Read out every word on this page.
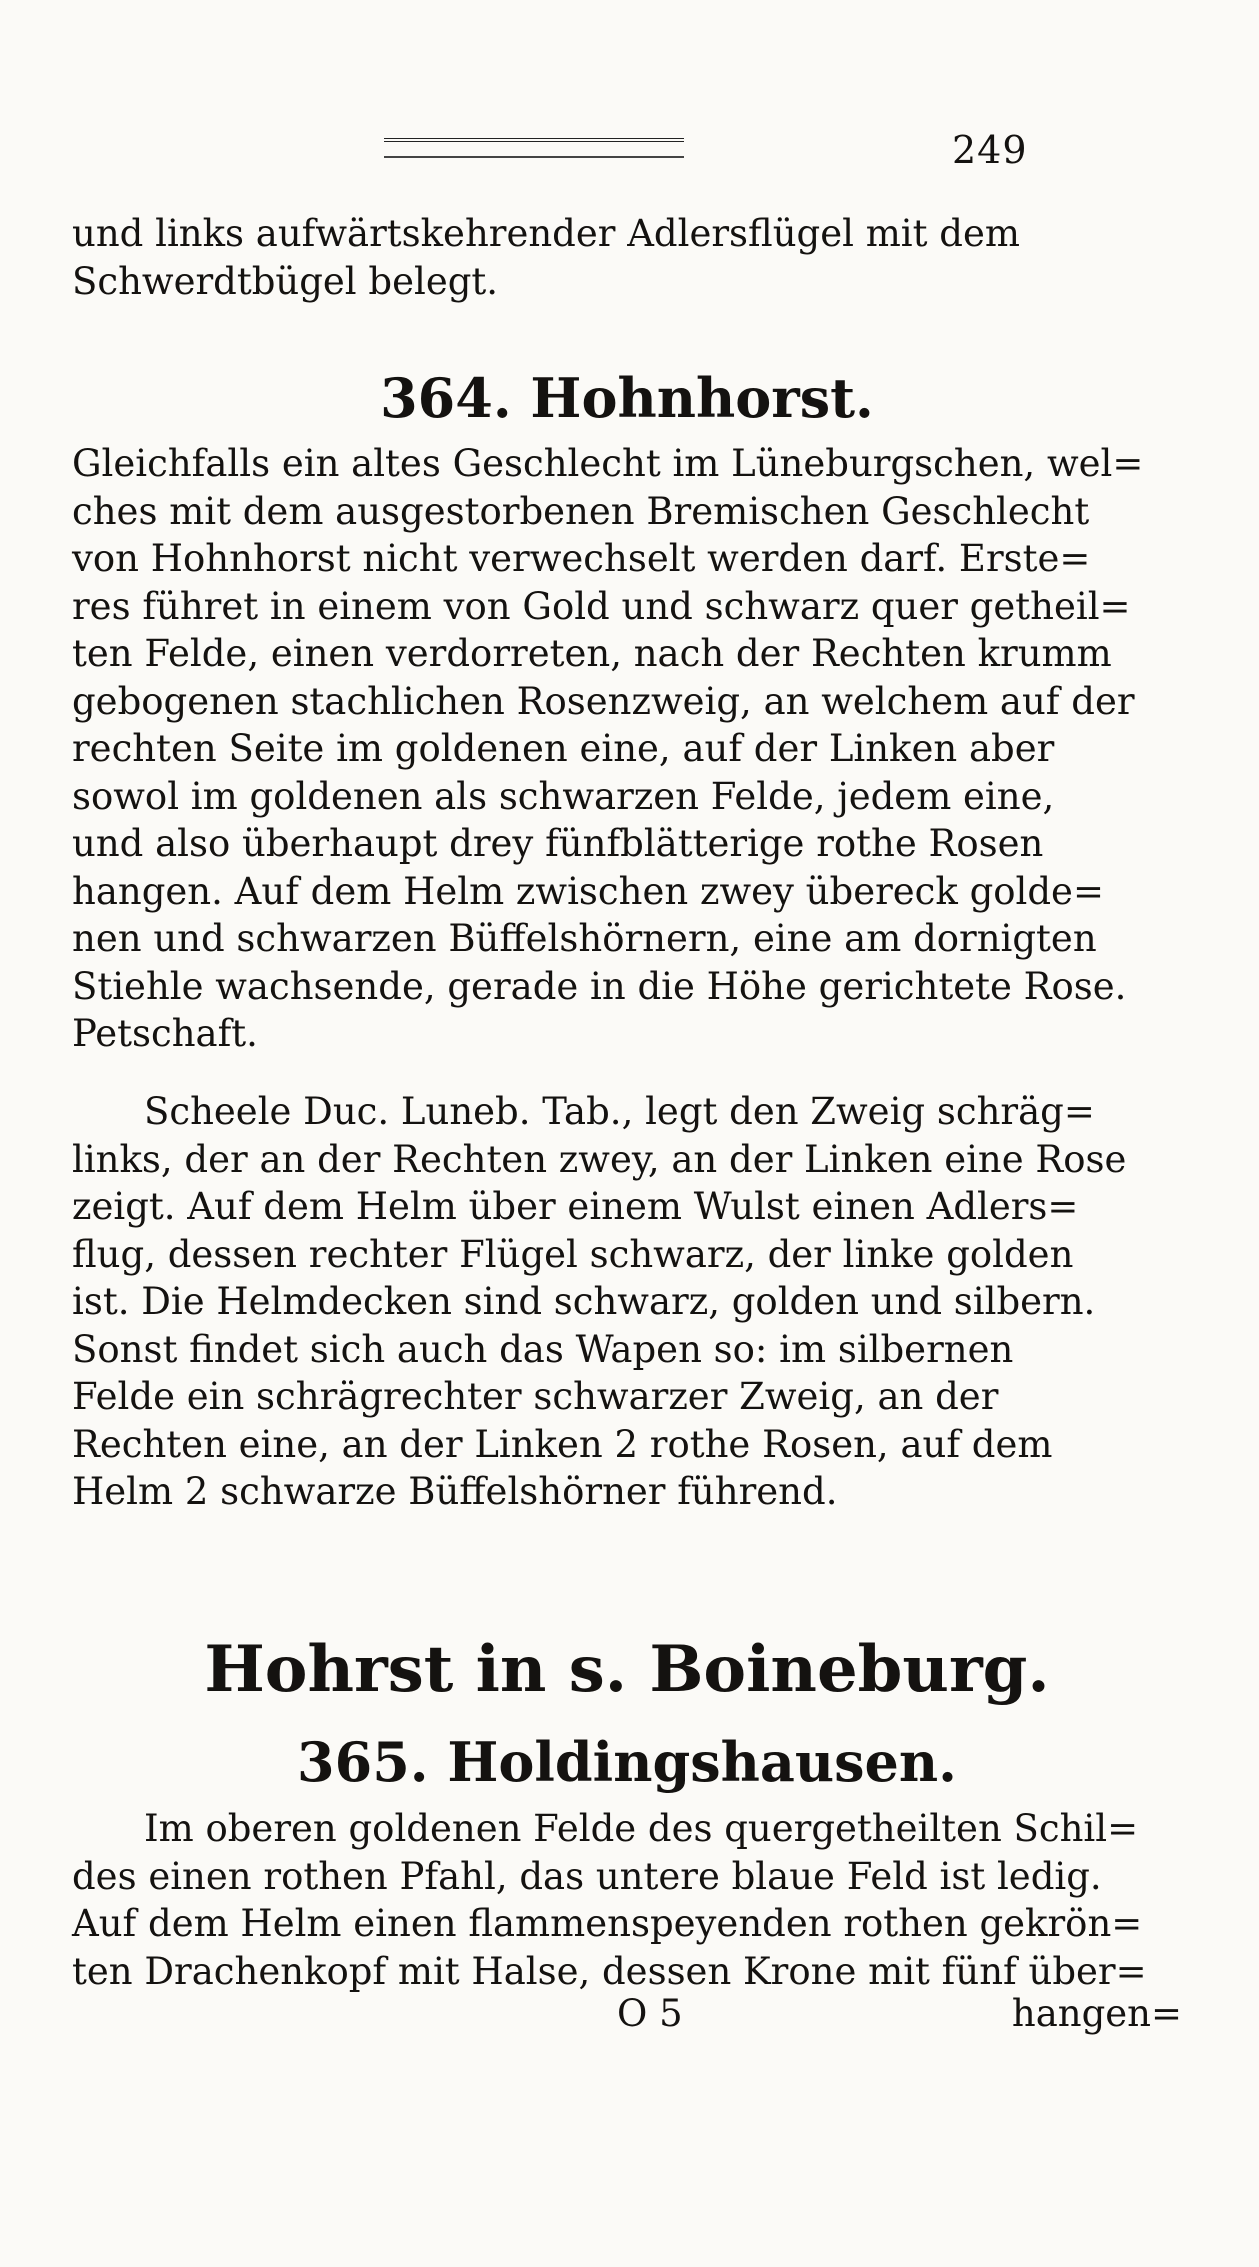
249
und links aufwärtskehrender Adlersflügel mit dem
Schwerdtbügel belegt.
364. Hohnhorst.
Gleichfalls ein altes Geschlecht im Lüneburgschen, wel=
ches mit dem ausgestorbenen Bremischen Geschlecht
von Hohnhorst nicht verwechselt werden darf. Erste=
res führet in einem von Gold und schwarz quer getheil=
ten Felde, einen verdorreten, nach der Rechten krumm
gebogenen stachlichen Rosenzweig, an welchem auf der
rechten Seite im goldenen eine, auf der Linken aber
sowol im goldenen als schwarzen Felde, jedem eine,
und also überhaupt drey fünfblätterige rothe Rosen
hangen. Auf dem Helm zwischen zwey übereck golde=
nen und schwarzen Büffelshörnern, eine am dornigten
Stiehle wachsende, gerade in die Höhe gerichtete Rose.
Petschaft.
Scheele Duc. Luneb. Tab., legt den Zweig schräg=
links, der an der Rechten zwey, an der Linken eine Rose
zeigt. Auf dem Helm über einem Wulst einen Adlers=
flug, dessen rechter Flügel schwarz, der linke golden
ist. Die Helmdecken sind schwarz, golden und silbern.
Sonst findet sich auch das Wapen so: im silbernen
Felde ein schrägrechter schwarzer Zweig, an der
Rechten eine, an der Linken 2 rothe Rosen, auf dem
Helm 2 schwarze Büffelshörner führend.
Hohrst in s. Boineburg.
365. Holdingshausen.
Im oberen goldenen Felde des quergetheilten Schil=
des einen rothen Pfahl, das untere blaue Feld ist ledig.
Auf dem Helm einen flammenspeyenden rothen gekrön=
ten Drachenkopf mit Halse, dessen Krone mit fünf über=
O 5	hangen=
